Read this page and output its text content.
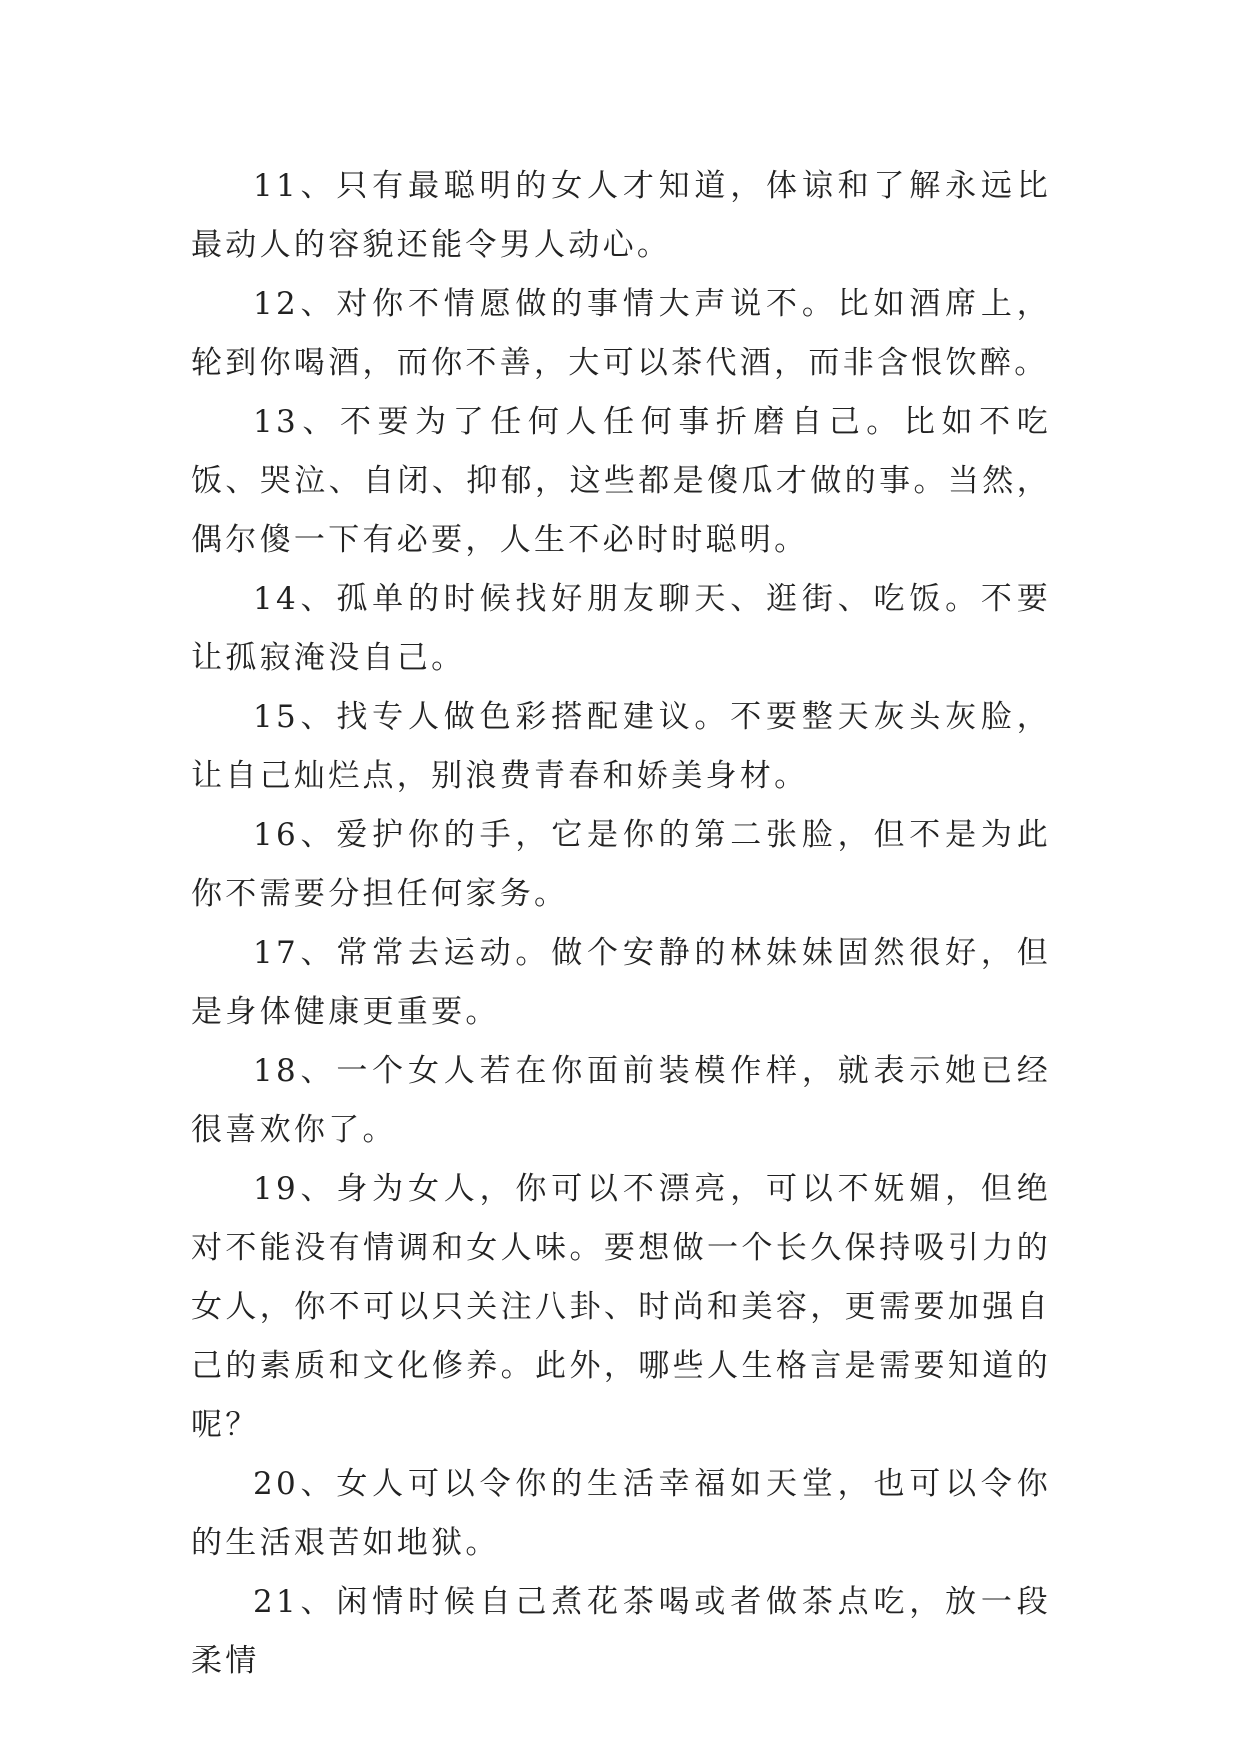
11、只有最聪明的女人才知道，体谅和了解永远比最动人的容貌还能令男人动心。

12、对你不情愿做的事情大声说不。比如酒席上，轮到你喝酒，而你不善，大可以茶代酒，而非含恨饮醉。

13、不要为了任何人任何事折磨自己。比如不吃饭、哭泣、自闭、抑郁，这些都是傻瓜才做的事。当然，偶尔傻一下有必要，人生不必时时聪明。

14、孤单的时候找好朋友聊天、逛街、吃饭。不要让孤寂淹没自己。

15、找专人做色彩搭配建议。不要整天灰头灰脸，让自己灿烂点，别浪费青春和娇美身材。

16、爱护你的手，它是你的第二张脸，但不是为此你不需要分担任何家务。

17、常常去运动。做个安静的林妹妹固然很好，但是身体健康更重要。

18、一个女人若在你面前装模作样，就表示她已经很喜欢你了。

19、身为女人，你可以不漂亮，可以不妩媚，但绝对不能没有情调和女人味。要想做一个长久保持吸引力的女人，你不可以只关注八卦、时尚和美容，更需要加强自己的素质和文化修养。此外，哪些人生格言是需要知道的呢？

20、女人可以令你的生活幸福如天堂，也可以令你的生活艰苦如地狱。

21、闲情时候自己煮花茶喝或者做茶点吃，放一段柔情
